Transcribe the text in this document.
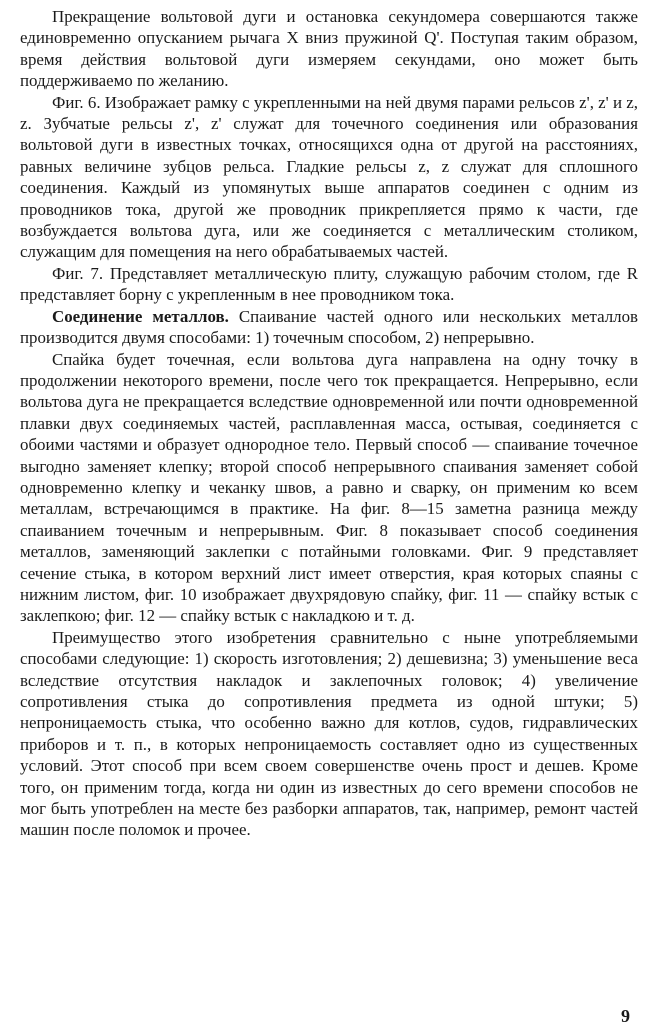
Прекращение вольтовой дуги и остановка секундомера совершаются также единовременно опусканием рычага X вниз пружиной Q'. Поступая таким образом, время действия вольтовой дуги измеряем секундами, оно может быть поддерживаемо по желанию.

Фиг. 6. Изображает рамку с укрепленными на ней двумя парами рельсов z', z' и z, z. Зубчатые рельсы z', z' служат для точечного соединения или образования вольтовой дуги в известных точках, относящихся одна от другой на расстояниях, равных величине зубцов рельса. Гладкие рельсы z, z служат для сплошного соединения. Каждый из упомянутых выше аппаратов соединен с одним из проводников тока, другой же проводник прикрепляется прямо к части, где возбуждается вольтова дуга, или же соединяется с металлическим столиком, служащим для помещения на него обрабатываемых частей.

Фиг. 7. Представляет металлическую плиту, служащую рабочим столом, где R представляет борну с укрепленным в нее проводником тока.

Соединение металлов. Спаивание частей одного или нескольких металлов производится двумя способами: 1) точечным способом, 2) непрерывно.

Спайка будет точечная, если вольтова дуга направлена на одну точку в продолжении некоторого времени, после чего ток прекращается. Непрерывно, если вольтова дуга не прекращается вследствие одновременной или почти одновременной плавки двух соединяемых частей, расплавленная масса, остывая, соединяется с обоими частями и образует однородное тело. Первый способ — спаивание точечное выгодно заменяет клепку; второй способ непрерывного спаивания заменяет собой одновременно клепку и чеканку швов, а равно и сварку, он применим ко всем металлам, встречающимся в практике. На фиг. 8—15 заметна разница между спаиванием точечным и непрерывным. Фиг. 8 показывает способ соединения металлов, заменяющий заклепки с потайными головками. Фиг. 9 представляет сечение стыка, в котором верхний лист имеет отверстия, края которых спаяны с нижним листом, фиг. 10 изображает двухрядовую спайку, фиг. 11 — спайку встык с заклепкою; фиг. 12 — спайку встык с накладкою и т. д.

Преимущество этого изобретения сравнительно с ныне употребляемыми способами следующие: 1) скорость изготовления; 2) дешевизна; 3) уменьшение веса вследствие отсутствия накладок и заклепочных головок; 4) увеличение сопротивления стыка до сопротивления предмета из одной штуки; 5) непроницаемость стыка, что особенно важно для котлов, судов, гидравлических приборов и т. п., в которых непроницаемость составляет одно из существенных условий. Этот способ при всем своем совершенстве очень прост и дешев. Кроме того, он применим тогда, когда ни один из известных до сего времени способов не мог быть употреблен на месте без разборки аппаратов, так, например, ремонт частей машин после поломок и прочее.

9
